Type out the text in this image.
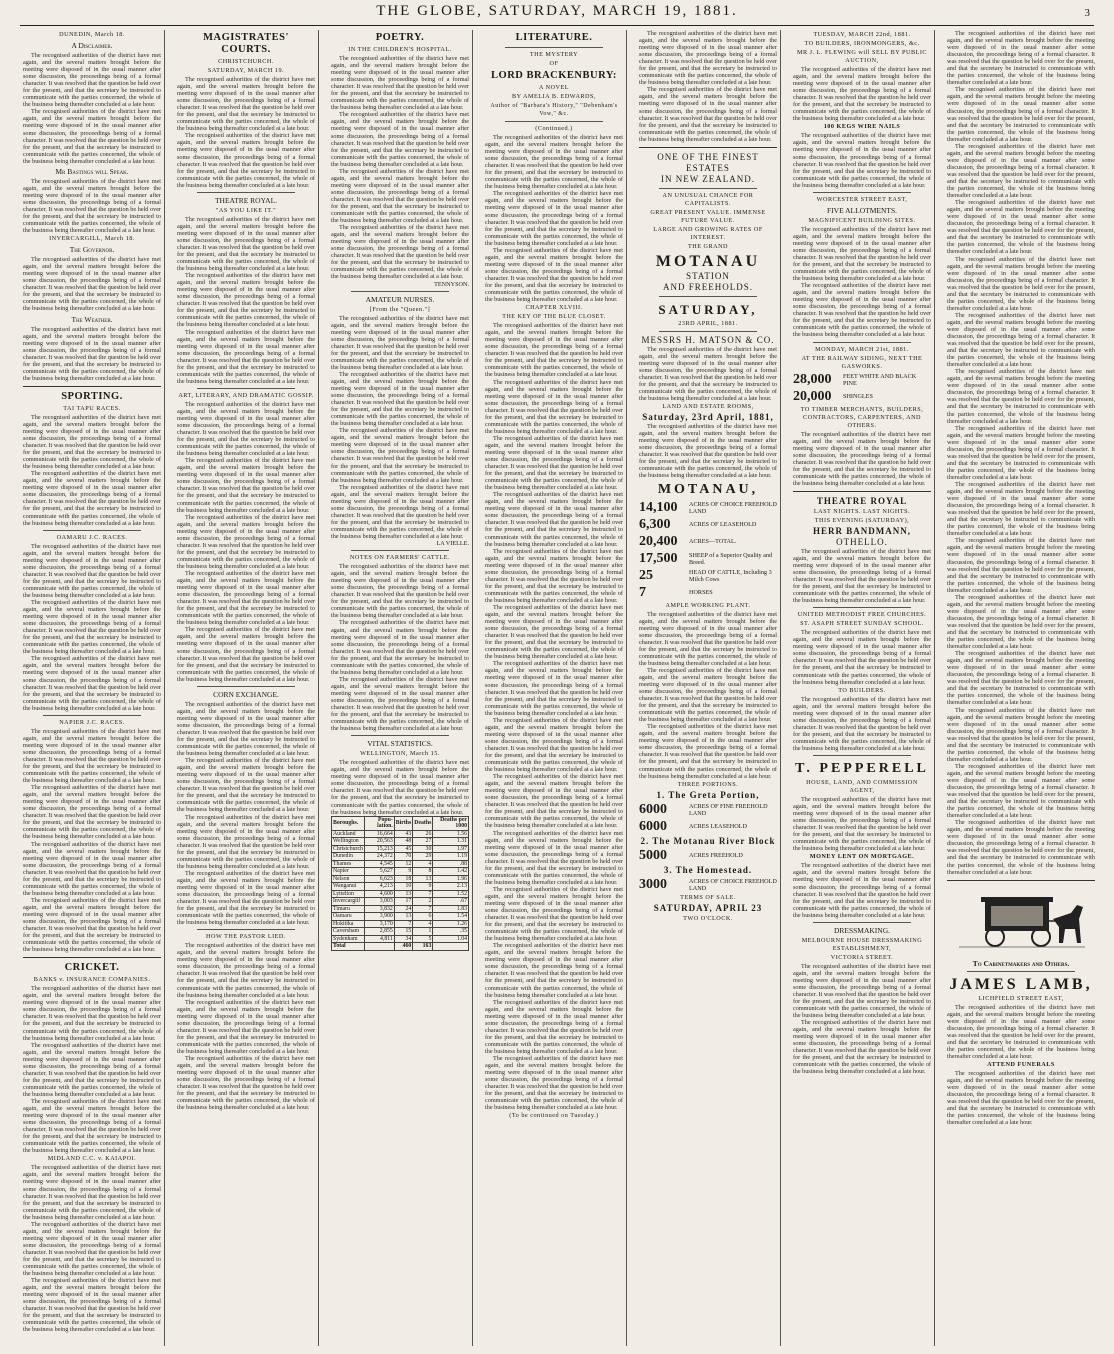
THE GLOBE, SATURDAY, MARCH 19, 1881.	3
DUNEDIN, March 18.
A Disclaimer.

The recognised authorities of the district have met again, and the several matters brought before the meeting were disposed of in the usual manner after some discussion, the proceedings being of a formal character. It was resolved that the question be held over for the present, and that the secretary be instructed to communicate with the parties concerned, the whole of the business being thereafter concluded at a late hour.

The recognised authorities of the district have met again, and the several matters brought before the meeting were disposed of in the usual manner after some discussion, the proceedings being of a formal character. It was resolved that the question be held over for the present, and that the secretary be instructed to communicate with the parties concerned, the whole of the business being thereafter concluded at a late hour.

Mr Bastings will Speak.

The recognised authorities of the district have met again, and the several matters brought before the meeting were disposed of in the usual manner after some discussion, the proceedings being of a formal character. It was resolved that the question be held over for the present, and that the secretary be instructed to communicate with the parties concerned, the whole of the business being thereafter concluded at a late hour.

INVERCARGILL, March 18.
The Governor.

The recognised authorities of the district have met again, and the several matters brought before the meeting were disposed of in the usual manner after some discussion, the proceedings being of a formal character. It was resolved that the question be held over for the present, and that the secretary be instructed to communicate with the parties concerned, the whole of the business being thereafter concluded at a late hour.

The Weather.

The recognised authorities of the district have met again, and the several matters brought before the meeting were disposed of in the usual manner after some discussion, the proceedings being of a formal character. It was resolved that the question be held over for the present, and that the secretary be instructed to communicate with the parties concerned, the whole of the business being thereafter concluded at a late hour.

SPORTING.
TAI TAPU RACES.

The recognised authorities of the district have met again, and the several matters brought before the meeting were disposed of in the usual manner after some discussion, the proceedings being of a formal character. It was resolved that the question be held over for the present, and that the secretary be instructed to communicate with the parties concerned, the whole of the business being thereafter concluded at a late hour.

The recognised authorities of the district have met again, and the several matters brought before the meeting were disposed of in the usual manner after some discussion, the proceedings being of a formal character. It was resolved that the question be held over for the present, and that the secretary be instructed to communicate with the parties concerned, the whole of the business being thereafter concluded at a late hour.

OAMARU J.C. RACES.

The recognised authorities of the district have met again, and the several matters brought before the meeting were disposed of in the usual manner after some discussion, the proceedings being of a formal character. It was resolved that the question be held over for the present, and that the secretary be instructed to communicate with the parties concerned, the whole of the business being thereafter concluded at a late hour.

The recognised authorities of the district have met again, and the several matters brought before the meeting were disposed of in the usual manner after some discussion, the proceedings being of a formal character. It was resolved that the question be held over for the present, and that the secretary be instructed to communicate with the parties concerned, the whole of the business being thereafter concluded at a late hour.

The recognised authorities of the district have met again, and the several matters brought before the meeting were disposed of in the usual manner after some discussion, the proceedings being of a formal character. It was resolved that the question be held over for the present, and that the secretary be instructed to communicate with the parties concerned, the whole of the business being thereafter concluded at a late hour.

NAPIER J.C. RACES.

The recognised authorities of the district have met again, and the several matters brought before the meeting were disposed of in the usual manner after some discussion, the proceedings being of a formal character. It was resolved that the question be held over for the present, and that the secretary be instructed to communicate with the parties concerned, the whole of the business being thereafter concluded at a late hour.

The recognised authorities of the district have met again, and the several matters brought before the meeting were disposed of in the usual manner after some discussion, the proceedings being of a formal character. It was resolved that the question be held over for the present, and that the secretary be instructed to communicate with the parties concerned, the whole of the business being thereafter concluded at a late hour.

The recognised authorities of the district have met again, and the several matters brought before the meeting were disposed of in the usual manner after some discussion, the proceedings being of a formal character. It was resolved that the question be held over for the present, and that the secretary be instructed to communicate with the parties concerned, the whole of the business being thereafter concluded at a late hour.

The recognised authorities of the district have met again, and the several matters brought before the meeting were disposed of in the usual manner after some discussion, the proceedings being of a formal character. It was resolved that the question be held over for the present, and that the secretary be instructed to communicate with the parties concerned, the whole of the business being thereafter concluded at a late hour.

CRICKET.
BANKS v. INSURANCE COMPANIES.

The recognised authorities of the district have met again, and the several matters brought before the meeting were disposed of in the usual manner after some discussion, the proceedings being of a formal character. It was resolved that the question be held over for the present, and that the secretary be instructed to communicate with the parties concerned, the whole of the business being thereafter concluded at a late hour.

The recognised authorities of the district have met again, and the several matters brought before the meeting were disposed of in the usual manner after some discussion, the proceedings being of a formal character. It was resolved that the question be held over for the present, and that the secretary be instructed to communicate with the parties concerned, the whole of the business being thereafter concluded at a late hour.

The recognised authorities of the district have met again, and the several matters brought before the meeting were disposed of in the usual manner after some discussion, the proceedings being of a formal character. It was resolved that the question be held over for the present, and that the secretary be instructed to communicate with the parties concerned, the whole of the business being thereafter concluded at a late hour.

MIDLAND C.C. v. KAIAPOI.

The recognised authorities of the district have met again, and the several matters brought before the meeting were disposed of in the usual manner after some discussion, the proceedings being of a formal character. It was resolved that the question be held over for the present, and that the secretary be instructed to communicate with the parties concerned, the whole of the business being thereafter concluded at a late hour.

The recognised authorities of the district have met again, and the several matters brought before the meeting were disposed of in the usual manner after some discussion, the proceedings being of a formal character. It was resolved that the question be held over for the present, and that the secretary be instructed to communicate with the parties concerned, the whole of the business being thereafter concluded at a late hour.

The recognised authorities of the district have met again, and the several matters brought before the meeting were disposed of in the usual manner after some discussion, the proceedings being of a formal character. It was resolved that the question be held over for the present, and that the secretary be instructed to communicate with the parties concerned, the whole of the business being thereafter concluded at a late hour.

MAGISTRATES' COURTS.
CHRISTCHURCH.
SATURDAY, MARCH 19.

The recognised authorities of the district have met again, and the several matters brought before the meeting were disposed of in the usual manner after some discussion, the proceedings being of a formal character. It was resolved that the question be held over for the present, and that the secretary be instructed to communicate with the parties concerned, the whole of the business being thereafter concluded at a late hour.

The recognised authorities of the district have met again, and the several matters brought before the meeting were disposed of in the usual manner after some discussion, the proceedings being of a formal character. It was resolved that the question be held over for the present, and that the secretary be instructed to communicate with the parties concerned, the whole of the business being thereafter concluded at a late hour.

THEATRE ROYAL.
"AS YOU LIKE IT."

The recognised authorities of the district have met again, and the several matters brought before the meeting were disposed of in the usual manner after some discussion, the proceedings being of a formal character. It was resolved that the question be held over for the present, and that the secretary be instructed to communicate with the parties concerned, the whole of the business being thereafter concluded at a late hour.

The recognised authorities of the district have met again, and the several matters brought before the meeting were disposed of in the usual manner after some discussion, the proceedings being of a formal character. It was resolved that the question be held over for the present, and that the secretary be instructed to communicate with the parties concerned, the whole of the business being thereafter concluded at a late hour.

The recognised authorities of the district have met again, and the several matters brought before the meeting were disposed of in the usual manner after some discussion, the proceedings being of a formal character. It was resolved that the question be held over for the present, and that the secretary be instructed to communicate with the parties concerned, the whole of the business being thereafter concluded at a late hour.

ART, LITERARY, AND DRAMATIC GOSSIP.

The recognised authorities of the district have met again, and the several matters brought before the meeting were disposed of in the usual manner after some discussion, the proceedings being of a formal character. It was resolved that the question be held over for the present, and that the secretary be instructed to communicate with the parties concerned, the whole of the business being thereafter concluded at a late hour.

The recognised authorities of the district have met again, and the several matters brought before the meeting were disposed of in the usual manner after some discussion, the proceedings being of a formal character. It was resolved that the question be held over for the present, and that the secretary be instructed to communicate with the parties concerned, the whole of the business being thereafter concluded at a late hour.

The recognised authorities of the district have met again, and the several matters brought before the meeting were disposed of in the usual manner after some discussion, the proceedings being of a formal character. It was resolved that the question be held over for the present, and that the secretary be instructed to communicate with the parties concerned, the whole of the business being thereafter concluded at a late hour.

The recognised authorities of the district have met again, and the several matters brought before the meeting were disposed of in the usual manner after some discussion, the proceedings being of a formal character. It was resolved that the question be held over for the present, and that the secretary be instructed to communicate with the parties concerned, the whole of the business being thereafter concluded at a late hour.

The recognised authorities of the district have met again, and the several matters brought before the meeting were disposed of in the usual manner after some discussion, the proceedings being of a formal character. It was resolved that the question be held over for the present, and that the secretary be instructed to communicate with the parties concerned, the whole of the business being thereafter concluded at a late hour.

CORN EXCHANGE.

The recognised authorities of the district have met again, and the several matters brought before the meeting were disposed of in the usual manner after some discussion, the proceedings being of a formal character. It was resolved that the question be held over for the present, and that the secretary be instructed to communicate with the parties concerned, the whole of the business being thereafter concluded at a late hour.

The recognised authorities of the district have met again, and the several matters brought before the meeting were disposed of in the usual manner after some discussion, the proceedings being of a formal character. It was resolved that the question be held over for the present, and that the secretary be instructed to communicate with the parties concerned, the whole of the business being thereafter concluded at a late hour.

The recognised authorities of the district have met again, and the several matters brought before the meeting were disposed of in the usual manner after some discussion, the proceedings being of a formal character. It was resolved that the question be held over for the present, and that the secretary be instructed to communicate with the parties concerned, the whole of the business being thereafter concluded at a late hour.

The recognised authorities of the district have met again, and the several matters brought before the meeting were disposed of in the usual manner after some discussion, the proceedings being of a formal character. It was resolved that the question be held over for the present, and that the secretary be instructed to communicate with the parties concerned, the whole of the business being thereafter concluded at a late hour.

HOW THE PASTOR LIED.

The recognised authorities of the district have met again, and the several matters brought before the meeting were disposed of in the usual manner after some discussion, the proceedings being of a formal character. It was resolved that the question be held over for the present, and that the secretary be instructed to communicate with the parties concerned, the whole of the business being thereafter concluded at a late hour.

The recognised authorities of the district have met again, and the several matters brought before the meeting were disposed of in the usual manner after some discussion, the proceedings being of a formal character. It was resolved that the question be held over for the present, and that the secretary be instructed to communicate with the parties concerned, the whole of the business being thereafter concluded at a late hour.

The recognised authorities of the district have met again, and the several matters brought before the meeting were disposed of in the usual manner after some discussion, the proceedings being of a formal character. It was resolved that the question be held over for the present, and that the secretary be instructed to communicate with the parties concerned, the whole of the business being thereafter concluded at a late hour.

POETRY.
IN THE CHILDREN'S HOSPITAL.

The recognised authorities of the district have met again, and the several matters brought before the meeting were disposed of in the usual manner after some discussion, the proceedings being of a formal character. It was resolved that the question be held over for the present, and that the secretary be instructed to communicate with the parties concerned, the whole of the business being thereafter concluded at a late hour.

The recognised authorities of the district have met again, and the several matters brought before the meeting were disposed of in the usual manner after some discussion, the proceedings being of a formal character. It was resolved that the question be held over for the present, and that the secretary be instructed to communicate with the parties concerned, the whole of the business being thereafter concluded at a late hour.

The recognised authorities of the district have met again, and the several matters brought before the meeting were disposed of in the usual manner after some discussion, the proceedings being of a formal character. It was resolved that the question be held over for the present, and that the secretary be instructed to communicate with the parties concerned, the whole of the business being thereafter concluded at a late hour.

The recognised authorities of the district have met again, and the several matters brought before the meeting were disposed of in the usual manner after some discussion, the proceedings being of a formal character. It was resolved that the question be held over for the present, and that the secretary be instructed to communicate with the parties concerned, the whole of the business being thereafter concluded at a late hour.

TENNYSON.
AMATEUR NURSES.
[From the "Queen."]

The recognised authorities of the district have met again, and the several matters brought before the meeting were disposed of in the usual manner after some discussion, the proceedings being of a formal character. It was resolved that the question be held over for the present, and that the secretary be instructed to communicate with the parties concerned, the whole of the business being thereafter concluded at a late hour.

The recognised authorities of the district have met again, and the several matters brought before the meeting were disposed of in the usual manner after some discussion, the proceedings being of a formal character. It was resolved that the question be held over for the present, and that the secretary be instructed to communicate with the parties concerned, the whole of the business being thereafter concluded at a late hour.

The recognised authorities of the district have met again, and the several matters brought before the meeting were disposed of in the usual manner after some discussion, the proceedings being of a formal character. It was resolved that the question be held over for the present, and that the secretary be instructed to communicate with the parties concerned, the whole of the business being thereafter concluded at a late hour.

The recognised authorities of the district have met again, and the several matters brought before the meeting were disposed of in the usual manner after some discussion, the proceedings being of a formal character. It was resolved that the question be held over for the present, and that the secretary be instructed to communicate with the parties concerned, the whole of the business being thereafter concluded at a late hour.

LA VIELLE.
NOTES ON FARMERS' CATTLE.

The recognised authorities of the district have met again, and the several matters brought before the meeting were disposed of in the usual manner after some discussion, the proceedings being of a formal character. It was resolved that the question be held over for the present, and that the secretary be instructed to communicate with the parties concerned, the whole of the business being thereafter concluded at a late hour.

The recognised authorities of the district have met again, and the several matters brought before the meeting were disposed of in the usual manner after some discussion, the proceedings being of a formal character. It was resolved that the question be held over for the present, and that the secretary be instructed to communicate with the parties concerned, the whole of the business being thereafter concluded at a late hour.

The recognised authorities of the district have met again, and the several matters brought before the meeting were disposed of in the usual manner after some discussion, the proceedings being of a formal character. It was resolved that the question be held over for the present, and that the secretary be instructed to communicate with the parties concerned, the whole of the business being thereafter concluded at a late hour.

VITAL STATISTICS.
WELLINGTON, March 15.

The recognised authorities of the district have met again, and the several matters brought before the meeting were disposed of in the usual manner after some discussion, the proceedings being of a formal character. It was resolved that the question be held over for the present, and that the secretary be instructed to communicate with the parties concerned, the whole of the business being thereafter concluded at a late hour.

Boroughs.	Popu- lation.	Births	Deaths	Deaths per 1000
Auckland	16,664	43	26	1.56
Wellington	20,563	48	27	1.31
Christchurch	15,213	45	30	1.97
Dunedin	24,372	70	29	1.19
Thames	4,545	12	4	.88
Napier	5,627	9	8	1.42
Nelson	6,623	18	13	1.96
Wanganui	4,213	10	9	2.13
Lyttelton	4,600	13	7	1.52
Invercargill	3,003	17	2	.67
Timaru	3,832	24	7	1.83
Oamaru	3,900	13	6	1.54
Hokitika	3,170	7	4	1.26
Caversham	2,855	15	1	.35
Sydenham	4,811	34	5	1.04
Total		460	163	
LITERATURE.
THE MYSTERY
OF
LORD BRACKENBURY:
A NOVEL
BY AMELIA B. EDWARDS,
Author of "Barbara's History," "Debenham's Vow," &c.
(Continued.)

The recognised authorities of the district have met again, and the several matters brought before the meeting were disposed of in the usual manner after some discussion, the proceedings being of a formal character. It was resolved that the question be held over for the present, and that the secretary be instructed to communicate with the parties concerned, the whole of the business being thereafter concluded at a late hour.

The recognised authorities of the district have met again, and the several matters brought before the meeting were disposed of in the usual manner after some discussion, the proceedings being of a formal character. It was resolved that the question be held over for the present, and that the secretary be instructed to communicate with the parties concerned, the whole of the business being thereafter concluded at a late hour.

The recognised authorities of the district have met again, and the several matters brought before the meeting were disposed of in the usual manner after some discussion, the proceedings being of a formal character. It was resolved that the question be held over for the present, and that the secretary be instructed to communicate with the parties concerned, the whole of the business being thereafter concluded at a late hour.

CHAPTER XLVIII.
THE KEY OF THE BLUE CLOSET.

The recognised authorities of the district have met again, and the several matters brought before the meeting were disposed of in the usual manner after some discussion, the proceedings being of a formal character. It was resolved that the question be held over for the present, and that the secretary be instructed to communicate with the parties concerned, the whole of the business being thereafter concluded at a late hour.

The recognised authorities of the district have met again, and the several matters brought before the meeting were disposed of in the usual manner after some discussion, the proceedings being of a formal character. It was resolved that the question be held over for the present, and that the secretary be instructed to communicate with the parties concerned, the whole of the business being thereafter concluded at a late hour.

The recognised authorities of the district have met again, and the several matters brought before the meeting were disposed of in the usual manner after some discussion, the proceedings being of a formal character. It was resolved that the question be held over for the present, and that the secretary be instructed to communicate with the parties concerned, the whole of the business being thereafter concluded at a late hour.

The recognised authorities of the district have met again, and the several matters brought before the meeting were disposed of in the usual manner after some discussion, the proceedings being of a formal character. It was resolved that the question be held over for the present, and that the secretary be instructed to communicate with the parties concerned, the whole of the business being thereafter concluded at a late hour.

The recognised authorities of the district have met again, and the several matters brought before the meeting were disposed of in the usual manner after some discussion, the proceedings being of a formal character. It was resolved that the question be held over for the present, and that the secretary be instructed to communicate with the parties concerned, the whole of the business being thereafter concluded at a late hour.

The recognised authorities of the district have met again, and the several matters brought before the meeting were disposed of in the usual manner after some discussion, the proceedings being of a formal character. It was resolved that the question be held over for the present, and that the secretary be instructed to communicate with the parties concerned, the whole of the business being thereafter concluded at a late hour.

The recognised authorities of the district have met again, and the several matters brought before the meeting were disposed of in the usual manner after some discussion, the proceedings being of a formal character. It was resolved that the question be held over for the present, and that the secretary be instructed to communicate with the parties concerned, the whole of the business being thereafter concluded at a late hour.

The recognised authorities of the district have met again, and the several matters brought before the meeting were disposed of in the usual manner after some discussion, the proceedings being of a formal character. It was resolved that the question be held over for the present, and that the secretary be instructed to communicate with the parties concerned, the whole of the business being thereafter concluded at a late hour.

The recognised authorities of the district have met again, and the several matters brought before the meeting were disposed of in the usual manner after some discussion, the proceedings being of a formal character. It was resolved that the question be held over for the present, and that the secretary be instructed to communicate with the parties concerned, the whole of the business being thereafter concluded at a late hour.

The recognised authorities of the district have met again, and the several matters brought before the meeting were disposed of in the usual manner after some discussion, the proceedings being of a formal character. It was resolved that the question be held over for the present, and that the secretary be instructed to communicate with the parties concerned, the whole of the business being thereafter concluded at a late hour.

The recognised authorities of the district have met again, and the several matters brought before the meeting were disposed of in the usual manner after some discussion, the proceedings being of a formal character. It was resolved that the question be held over for the present, and that the secretary be instructed to communicate with the parties concerned, the whole of the business being thereafter concluded at a late hour.

The recognised authorities of the district have met again, and the several matters brought before the meeting were disposed of in the usual manner after some discussion, the proceedings being of a formal character. It was resolved that the question be held over for the present, and that the secretary be instructed to communicate with the parties concerned, the whole of the business being thereafter concluded at a late hour.

The recognised authorities of the district have met again, and the several matters brought before the meeting were disposed of in the usual manner after some discussion, the proceedings being of a formal character. It was resolved that the question be held over for the present, and that the secretary be instructed to communicate with the parties concerned, the whole of the business being thereafter concluded at a late hour.

The recognised authorities of the district have met again, and the several matters brought before the meeting were disposed of in the usual manner after some discussion, the proceedings being of a formal character. It was resolved that the question be held over for the present, and that the secretary be instructed to communicate with the parties concerned, the whole of the business being thereafter concluded at a late hour.

(To be continued on Tuesday.)

The recognised authorities of the district have met again, and the several matters brought before the meeting were disposed of in the usual manner after some discussion, the proceedings being of a formal character. It was resolved that the question be held over for the present, and that the secretary be instructed to communicate with the parties concerned, the whole of the business being thereafter concluded at a late hour.

The recognised authorities of the district have met again, and the several matters brought before the meeting were disposed of in the usual manner after some discussion, the proceedings being of a formal character. It was resolved that the question be held over for the present, and that the secretary be instructed to communicate with the parties concerned, the whole of the business being thereafter concluded at a late hour.

ONE OF THE FINEST ESTATES
IN NEW ZEALAND.
AN UNUSUAL CHANCE FOR CAPITALISTS.
GREAT PRESENT VALUE. IMMENSE FUTURE VALUE.
LARGE AND GROWING RATES OF INTEREST.
THE GRAND
MOTANAU
STATION
AND FREEHOLDS.
SATURDAY,
23RD APRIL, 1881.
MESSRS H. MATSON & CO.

The recognised authorities of the district have met again, and the several matters brought before the meeting were disposed of in the usual manner after some discussion, the proceedings being of a formal character. It was resolved that the question be held over for the present, and that the secretary be instructed to communicate with the parties concerned, the whole of the business being thereafter concluded at a late hour.

LAND AND ESTATE ROOMS,
Saturday, 23rd April, 1881,

The recognised authorities of the district have met again, and the several matters brought before the meeting were disposed of in the usual manner after some discussion, the proceedings being of a formal character. It was resolved that the question be held over for the present, and that the secretary be instructed to communicate with the parties concerned, the whole of the business being thereafter concluded at a late hour.

MOTANAU,
14,100	ACRES OF CHOICE FREEHOLD LAND
6,300	ACRES OF LEASEHOLD
20,400	ACRES—TOTAL.
17,500	SHEEP of a Superior Quality and Breed.
25	HEAD OF CATTLE, Including 3 Milch Cows
7	HORSES
AMPLE WORKING PLANT.

The recognised authorities of the district have met again, and the several matters brought before the meeting were disposed of in the usual manner after some discussion, the proceedings being of a formal character. It was resolved that the question be held over for the present, and that the secretary be instructed to communicate with the parties concerned, the whole of the business being thereafter concluded at a late hour.

The recognised authorities of the district have met again, and the several matters brought before the meeting were disposed of in the usual manner after some discussion, the proceedings being of a formal character. It was resolved that the question be held over for the present, and that the secretary be instructed to communicate with the parties concerned, the whole of the business being thereafter concluded at a late hour.

The recognised authorities of the district have met again, and the several matters brought before the meeting were disposed of in the usual manner after some discussion, the proceedings being of a formal character. It was resolved that the question be held over for the present, and that the secretary be instructed to communicate with the parties concerned, the whole of the business being thereafter concluded at a late hour.

THREE PORTIONS.
1. The Greta Portion,
6000	ACRES OF FINE FREEHOLD LAND
6000	ACRES LEASEHOLD
2. The Motanau River Block
5000	ACRES FREEHOLD
3. The Homestead.
3000	ACRES OF CHOICE FREEHOLD LAND
TERMS OF SALE.
SATURDAY, APRIL 23
TWO O'CLOCK.
TUESDAY, MARCH 22nd, 1881.
TO BUILDERS, IRONMONGERS, &c.
MR J. L. FLEWING will SELL BY PUBLIC AUCTION,

The recognised authorities of the district have met again, and the several matters brought before the meeting were disposed of in the usual manner after some discussion, the proceedings being of a formal character. It was resolved that the question be held over for the present, and that the secretary be instructed to communicate with the parties concerned, the whole of the business being thereafter concluded at a late hour.

100 KEGS WIRE NAILS

The recognised authorities of the district have met again, and the several matters brought before the meeting were disposed of in the usual manner after some discussion, the proceedings being of a formal character. It was resolved that the question be held over for the present, and that the secretary be instructed to communicate with the parties concerned, the whole of the business being thereafter concluded at a late hour.

WORCESTER STREET EAST,
FIVE ALLOTMENTS.
MAGNIFICENT BUILDING SITES.

The recognised authorities of the district have met again, and the several matters brought before the meeting were disposed of in the usual manner after some discussion, the proceedings being of a formal character. It was resolved that the question be held over for the present, and that the secretary be instructed to communicate with the parties concerned, the whole of the business being thereafter concluded at a late hour.

The recognised authorities of the district have met again, and the several matters brought before the meeting were disposed of in the usual manner after some discussion, the proceedings being of a formal character. It was resolved that the question be held over for the present, and that the secretary be instructed to communicate with the parties concerned, the whole of the business being thereafter concluded at a late hour.

MONDAY, MARCH 21st, 1881.
AT THE RAILWAY SIDING, NEXT THE GASWORKS.
28,000	FEET WHITE AND BLACK PINE
20,000	SHINGLES
TO TIMBER MERCHANTS, BUILDERS, CONTRACTORS, CARPENTERS, AND OTHERS.

The recognised authorities of the district have met again, and the several matters brought before the meeting were disposed of in the usual manner after some discussion, the proceedings being of a formal character. It was resolved that the question be held over for the present, and that the secretary be instructed to communicate with the parties concerned, the whole of the business being thereafter concluded at a late hour.

THEATRE ROYAL
LAST NIGHTS. LAST NIGHTS.
THIS EVENING (SATURDAY),
HERR BANDMANN,
OTHELLO.

The recognised authorities of the district have met again, and the several matters brought before the meeting were disposed of in the usual manner after some discussion, the proceedings being of a formal character. It was resolved that the question be held over for the present, and that the secretary be instructed to communicate with the parties concerned, the whole of the business being thereafter concluded at a late hour.

UNITED METHODIST FREE CHURCHES.
ST. ASAPH STREET SUNDAY SCHOOL.

The recognised authorities of the district have met again, and the several matters brought before the meeting were disposed of in the usual manner after some discussion, the proceedings being of a formal character. It was resolved that the question be held over for the present, and that the secretary be instructed to communicate with the parties concerned, the whole of the business being thereafter concluded at a late hour.

TO BUILDERS.

The recognised authorities of the district have met again, and the several matters brought before the meeting were disposed of in the usual manner after some discussion, the proceedings being of a formal character. It was resolved that the question be held over for the present, and that the secretary be instructed to communicate with the parties concerned, the whole of the business being thereafter concluded at a late hour.

T. PEPPERELL
HOUSE, LAND, AND COMMISSION AGENT,

The recognised authorities of the district have met again, and the several matters brought before the meeting were disposed of in the usual manner after some discussion, the proceedings being of a formal character. It was resolved that the question be held over for the present, and that the secretary be instructed to communicate with the parties concerned, the whole of the business being thereafter concluded at a late hour.

MONEY LENT ON MORTGAGE.

The recognised authorities of the district have met again, and the several matters brought before the meeting were disposed of in the usual manner after some discussion, the proceedings being of a formal character. It was resolved that the question be held over for the present, and that the secretary be instructed to communicate with the parties concerned, the whole of the business being thereafter concluded at a late hour.

DRESSMAKING.
MELBOURNE HOUSE DRESSMAKING ESTABLISHMENT,
VICTORIA STREET.

The recognised authorities of the district have met again, and the several matters brought before the meeting were disposed of in the usual manner after some discussion, the proceedings being of a formal character. It was resolved that the question be held over for the present, and that the secretary be instructed to communicate with the parties concerned, the whole of the business being thereafter concluded at a late hour.

The recognised authorities of the district have met again, and the several matters brought before the meeting were disposed of in the usual manner after some discussion, the proceedings being of a formal character. It was resolved that the question be held over for the present, and that the secretary be instructed to communicate with the parties concerned, the whole of the business being thereafter concluded at a late hour.

The recognised authorities of the district have met again, and the several matters brought before the meeting were disposed of in the usual manner after some discussion, the proceedings being of a formal character. It was resolved that the question be held over for the present, and that the secretary be instructed to communicate with the parties concerned, the whole of the business being thereafter concluded at a late hour.

The recognised authorities of the district have met again, and the several matters brought before the meeting were disposed of in the usual manner after some discussion, the proceedings being of a formal character. It was resolved that the question be held over for the present, and that the secretary be instructed to communicate with the parties concerned, the whole of the business being thereafter concluded at a late hour.

The recognised authorities of the district have met again, and the several matters brought before the meeting were disposed of in the usual manner after some discussion, the proceedings being of a formal character. It was resolved that the question be held over for the present, and that the secretary be instructed to communicate with the parties concerned, the whole of the business being thereafter concluded at a late hour.

The recognised authorities of the district have met again, and the several matters brought before the meeting were disposed of in the usual manner after some discussion, the proceedings being of a formal character. It was resolved that the question be held over for the present, and that the secretary be instructed to communicate with the parties concerned, the whole of the business being thereafter concluded at a late hour.

The recognised authorities of the district have met again, and the several matters brought before the meeting were disposed of in the usual manner after some discussion, the proceedings being of a formal character. It was resolved that the question be held over for the present, and that the secretary be instructed to communicate with the parties concerned, the whole of the business being thereafter concluded at a late hour.

The recognised authorities of the district have met again, and the several matters brought before the meeting were disposed of in the usual manner after some discussion, the proceedings being of a formal character. It was resolved that the question be held over for the present, and that the secretary be instructed to communicate with the parties concerned, the whole of the business being thereafter concluded at a late hour.

The recognised authorities of the district have met again, and the several matters brought before the meeting were disposed of in the usual manner after some discussion, the proceedings being of a formal character. It was resolved that the question be held over for the present, and that the secretary be instructed to communicate with the parties concerned, the whole of the business being thereafter concluded at a late hour.

The recognised authorities of the district have met again, and the several matters brought before the meeting were disposed of in the usual manner after some discussion, the proceedings being of a formal character. It was resolved that the question be held over for the present, and that the secretary be instructed to communicate with the parties concerned, the whole of the business being thereafter concluded at a late hour.

The recognised authorities of the district have met again, and the several matters brought before the meeting were disposed of in the usual manner after some discussion, the proceedings being of a formal character. It was resolved that the question be held over for the present, and that the secretary be instructed to communicate with the parties concerned, the whole of the business being thereafter concluded at a late hour.

The recognised authorities of the district have met again, and the several matters brought before the meeting were disposed of in the usual manner after some discussion, the proceedings being of a formal character. It was resolved that the question be held over for the present, and that the secretary be instructed to communicate with the parties concerned, the whole of the business being thereafter concluded at a late hour.

The recognised authorities of the district have met again, and the several matters brought before the meeting were disposed of in the usual manner after some discussion, the proceedings being of a formal character. It was resolved that the question be held over for the present, and that the secretary be instructed to communicate with the parties concerned, the whole of the business being thereafter concluded at a late hour.

The recognised authorities of the district have met again, and the several matters brought before the meeting were disposed of in the usual manner after some discussion, the proceedings being of a formal character. It was resolved that the question be held over for the present, and that the secretary be instructed to communicate with the parties concerned, the whole of the business being thereafter concluded at a late hour.

The recognised authorities of the district have met again, and the several matters brought before the meeting were disposed of in the usual manner after some discussion, the proceedings being of a formal character. It was resolved that the question be held over for the present, and that the secretary be instructed to communicate with the parties concerned, the whole of the business being thereafter concluded at a late hour.

The recognised authorities of the district have met again, and the several matters brought before the meeting were disposed of in the usual manner after some discussion, the proceedings being of a formal character. It was resolved that the question be held over for the present, and that the secretary be instructed to communicate with the parties concerned, the whole of the business being thereafter concluded at a late hour.

The recognised authorities of the district have met again, and the several matters brought before the meeting were disposed of in the usual manner after some discussion, the proceedings being of a formal character. It was resolved that the question be held over for the present, and that the secretary be instructed to communicate with the parties concerned, the whole of the business being thereafter concluded at a late hour.

To Cabinetmakers and Others.
JAMES LAMB,
LICHFIELD STREET EAST,

The recognised authorities of the district have met again, and the several matters brought before the meeting were disposed of in the usual manner after some discussion, the proceedings being of a formal character. It was resolved that the question be held over for the present, and that the secretary be instructed to communicate with the parties concerned, the whole of the business being thereafter concluded at a late hour.

ATTEND FUNERALS

The recognised authorities of the district have met again, and the several matters brought before the meeting were disposed of in the usual manner after some discussion, the proceedings being of a formal character. It was resolved that the question be held over for the present, and that the secretary be instructed to communicate with the parties concerned, the whole of the business being thereafter concluded at a late hour.
